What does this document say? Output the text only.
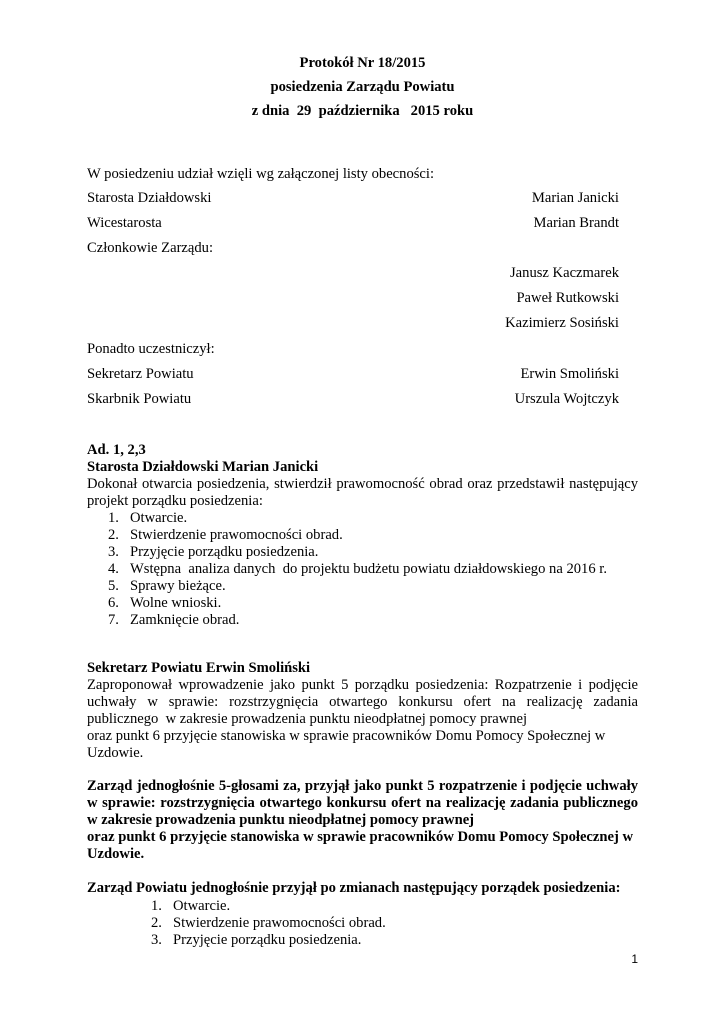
Protokół Nr 18/2015
posiedzenia Zarządu Powiatu
z dnia  29  października   2015 roku
W posiedzeniu udział wzięli wg załączonej listy obecności:
Starosta Działdowski	Marian Janicki
Wicestarosta	Marian Brandt
Członkowie Zarządu:
Janusz Kaczmarek
Paweł Rutkowski
Kazimierz Sosiński
Ponadto uczestniczył:
Sekretarz Powiatu	Erwin Smoliński
Skarbnik Powiatu	Urszula Wojtczyk
Ad. 1, 2,3
Starosta Działdowski Marian Janicki
Dokonał otwarcia posiedzenia, stwierdził prawomocność obrad oraz przedstawił następujący
projekt porządku posiedzenia:
1. Otwarcie.
2. Stwierdzenie prawomocności obrad.
3. Przyjęcie porządku posiedzenia.
4. Wstępna  analiza danych  do projektu budżetu powiatu działdowskiego na 2016 r.
5. Sprawy bieżące.
6. Wolne wnioski.
7. Zamknięcie obrad.
Sekretarz Powiatu Erwin Smoliński
Zaproponował wprowadzenie jako punkt 5 porządku posiedzenia: Rozpatrzenie i podjęcie
uchwały w sprawie: rozstrzygnięcia otwartego konkursu ofert na realizację zadania
publicznego  w zakresie prowadzenia punktu nieodpłatnej pomocy prawnej
oraz punkt 6 przyjęcie stanowiska w sprawie pracowników Domu Pomocy Społecznej w
Uzdowie.
Zarząd jednogłośnie 5-głosami za, przyjął jako punkt 5 rozpatrzenie i podjęcie uchwały
w sprawie: rozstrzygnięcia otwartego konkursu ofert na realizację zadania publicznego
w zakresie prowadzenia punktu nieodpłatnej pomocy prawnej
oraz punkt 6 przyjęcie stanowiska w sprawie pracowników Domu Pomocy Społecznej w
Uzdowie.
Zarząd Powiatu jednogłośnie przyjął po zmianach następujący porządek posiedzenia:
1. Otwarcie.
2. Stwierdzenie prawomocności obrad.
3. Przyjęcie porządku posiedzenia.
1
